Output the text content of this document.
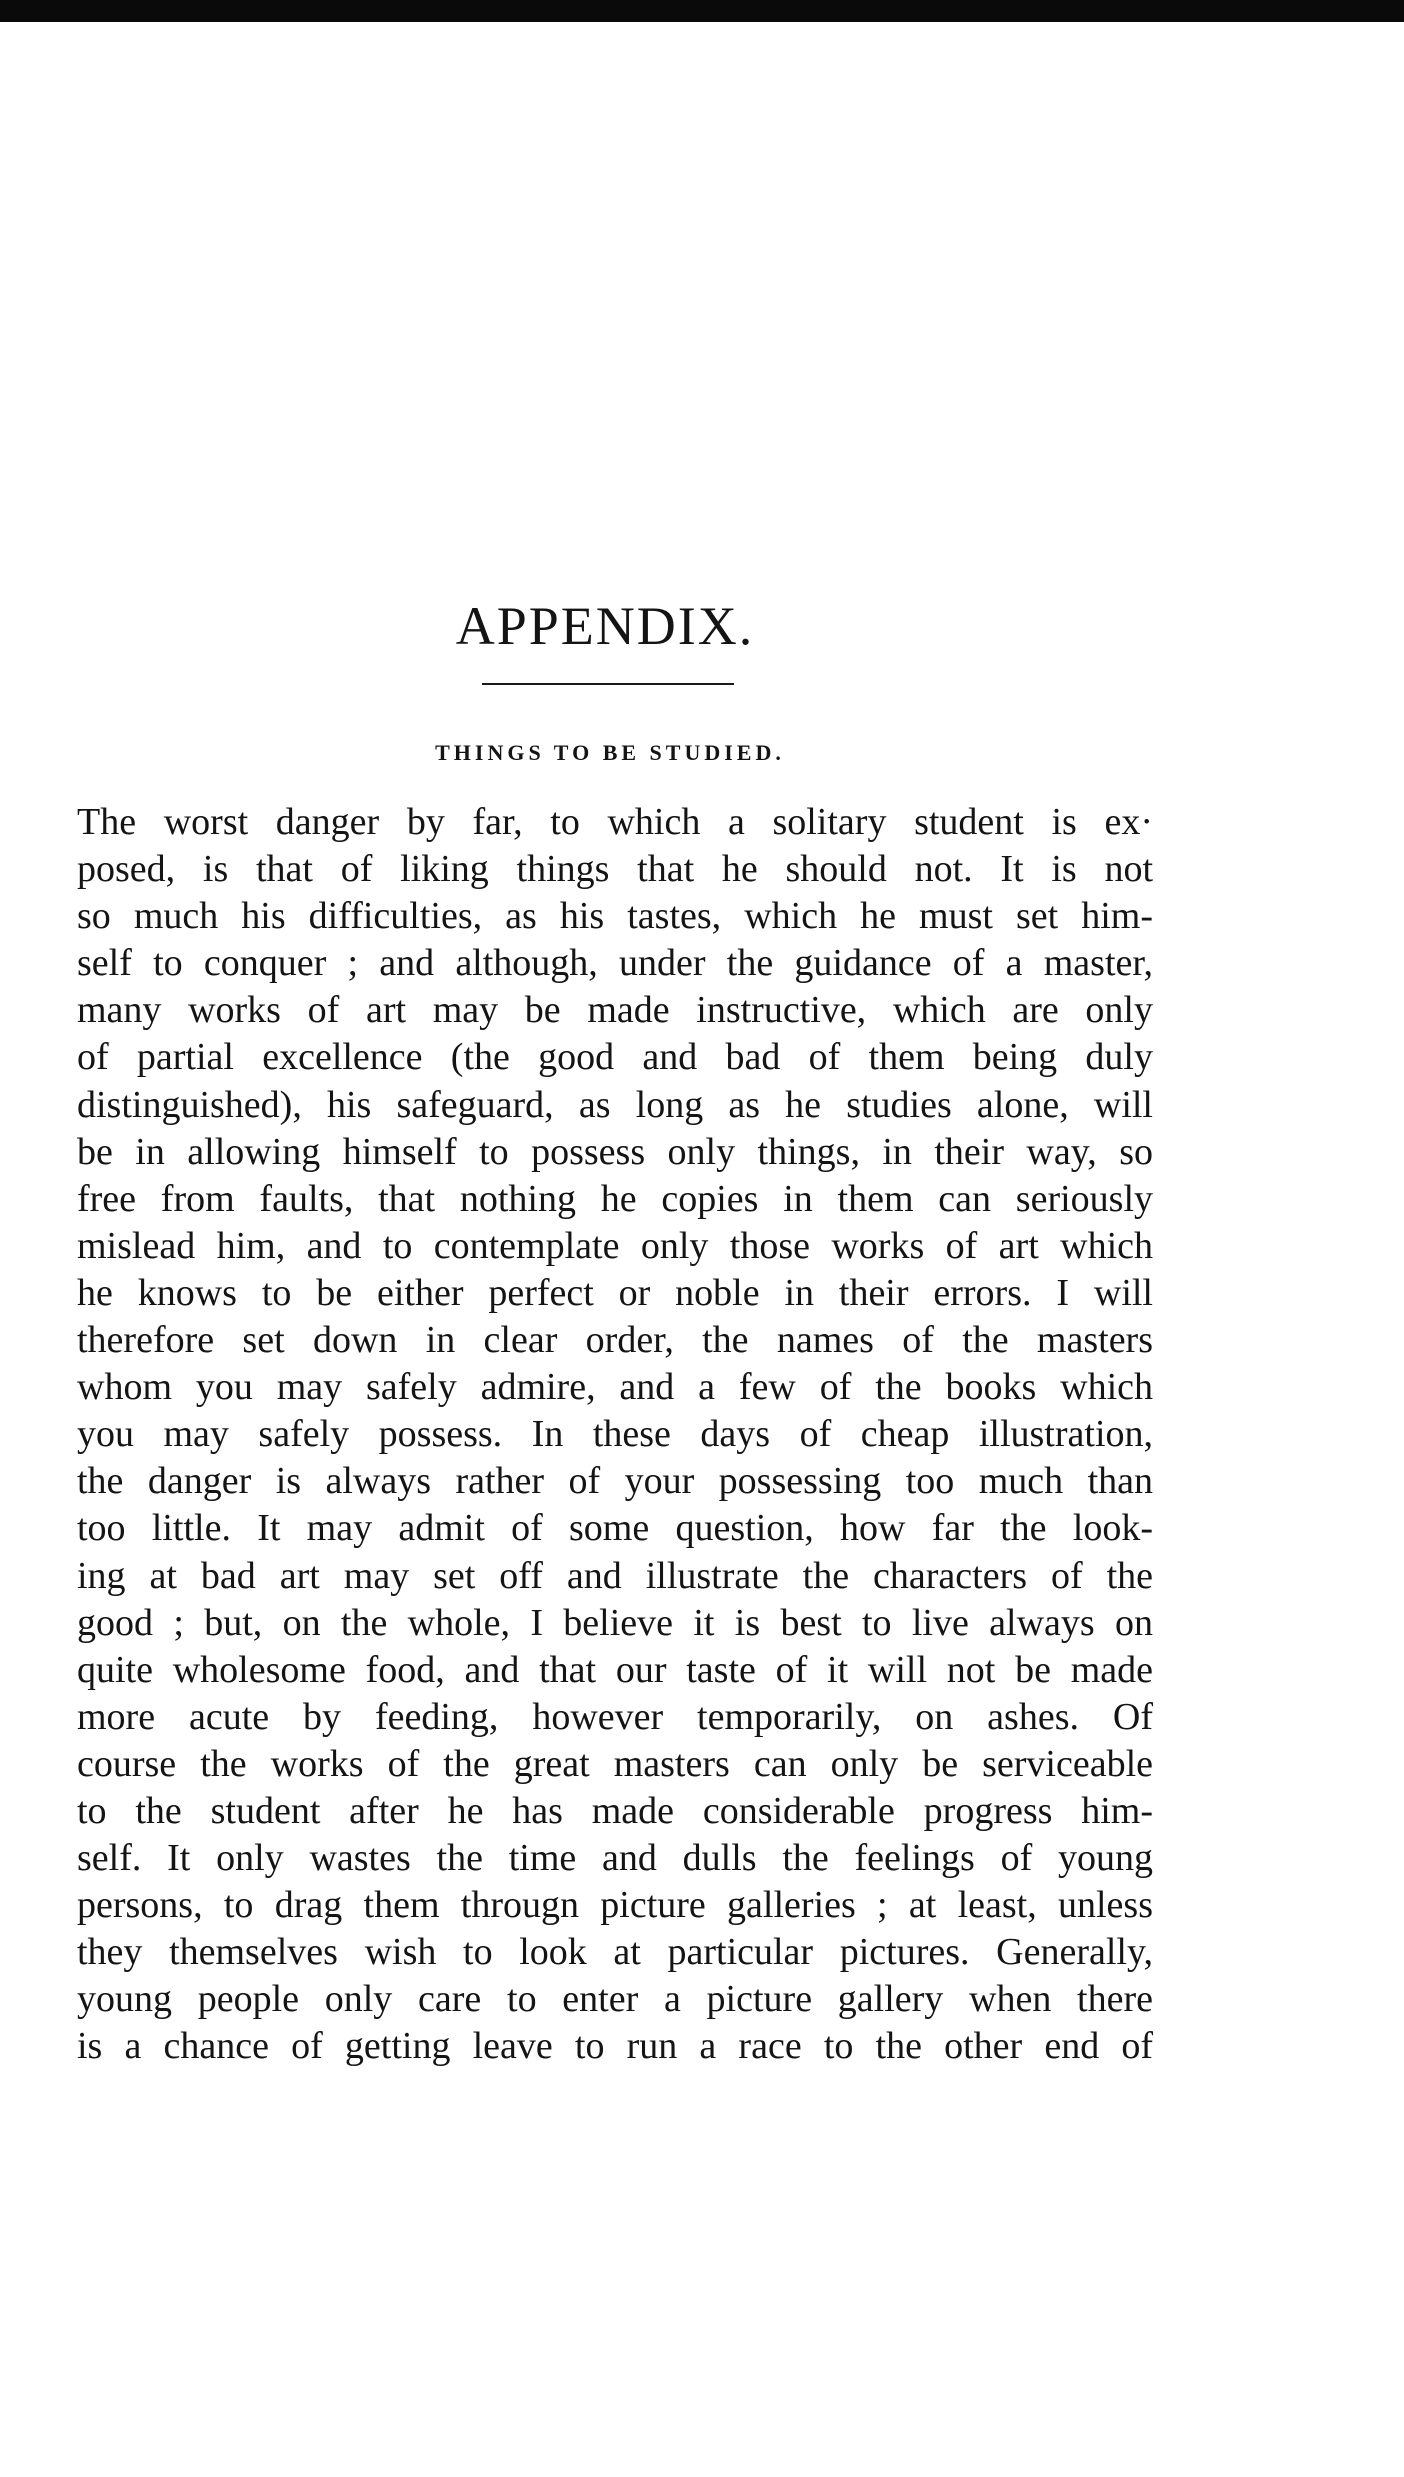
APPENDIX.
THINGS TO BE STUDIED.
The worst danger by far, to which a solitary student is ex·
posed, is that of liking things that he should not. It is not
so much his difficulties, as his tastes, which he must set him-
self to conquer ; and although, under the guidance of a master,
many works of art may be made instructive, which are only
of partial excellence (the good and bad of them being duly
distinguished), his safeguard, as long as he studies alone, will
be in allowing himself to possess only things, in their way, so
free from faults, that nothing he copies in them can seriously
mislead him, and to contemplate only those works of art which
he knows to be either perfect or noble in their errors. I will
therefore set down in clear order, the names of the masters
whom you may safely admire, and a few of the books which
you may safely possess. In these days of cheap illustration,
the danger is always rather of your possessing too much than
too little. It may admit of some question, how far the look-
ing at bad art may set off and illustrate the characters of the
good ; but, on the whole, I believe it is best to live always on
quite wholesome food, and that our taste of it will not be made
more acute by feeding, however temporarily, on ashes. Of
course the works of the great masters can only be serviceable
to the student after he has made considerable progress him-
self. It only wastes the time and dulls the feelings of young
persons, to drag them througn picture galleries ; at least, unless
they themselves wish to look at particular pictures. Generally,
young people only care to enter a picture gallery when there
is a chance of getting leave to run a race to the other end of
